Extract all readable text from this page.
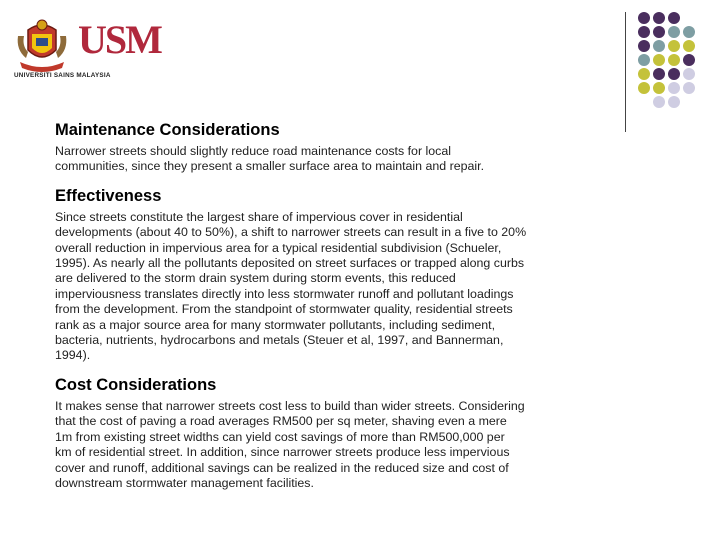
USM
UNIVERSITI SAINS MALAYSIA
Maintenance Considerations

Narrower streets should slightly reduce road maintenance costs for local
communities, since they present a smaller surface area to maintain and repair.

Effectiveness

Since streets constitute the largest share of impervious cover in residential
developments (about 40 to 50%), a shift to narrower streets can result in a five to 20%
overall reduction in impervious area for a typical residential subdivision (Schueler,
1995). As nearly all the pollutants deposited on street surfaces or trapped along curbs
are delivered to the storm drain system during storm events, this reduced
imperviousness translates directly into less stormwater runoff and pollutant loadings
from the development. From the standpoint of stormwater quality, residential streets
rank as a major source area for many stormwater pollutants, including sediment,
bacteria, nutrients, hydrocarbons and metals (Steuer et al, 1997, and Bannerman,
1994).

Cost Considerations

It makes sense that narrower streets cost less to build than wider streets. Considering
that the cost of paving a road averages RM500 per sq meter, shaving even a mere
1m from existing street widths can yield cost savings of more than RM500,000 per
km of residential street. In addition, since narrower streets produce less impervious
cover and runoff, additional savings can be realized in the reduced size and cost of
downstream stormwater management facilities.
